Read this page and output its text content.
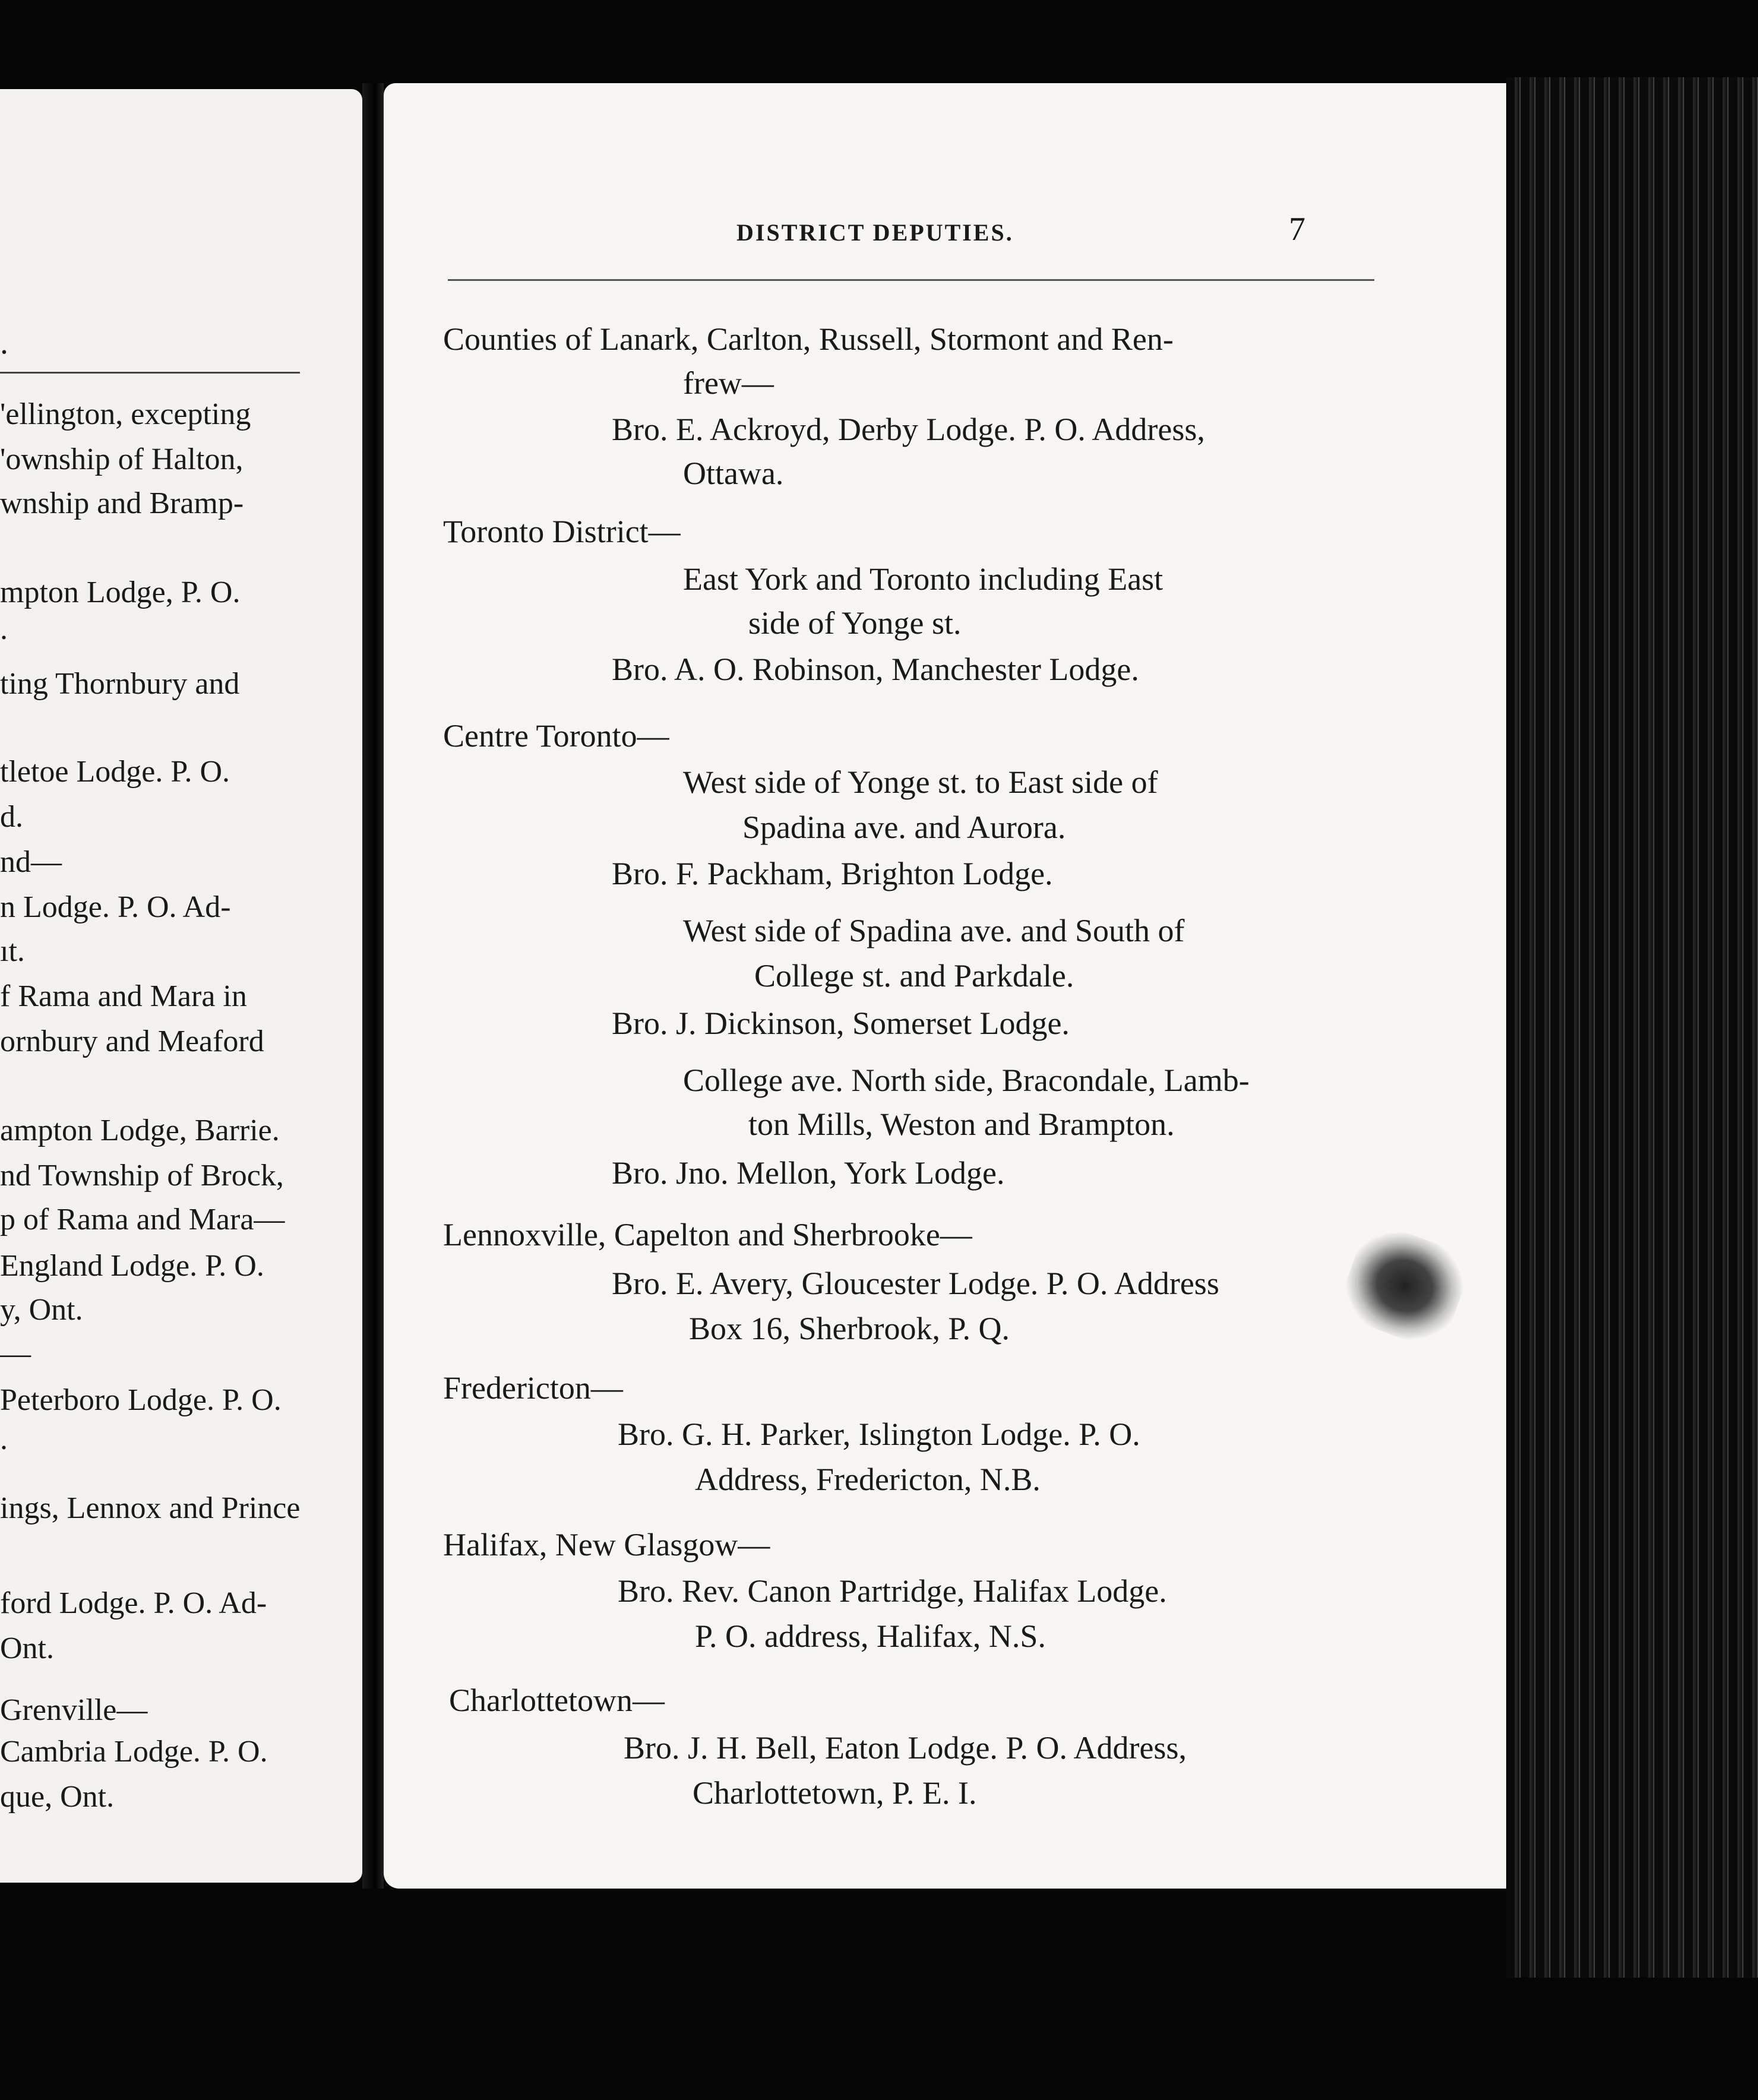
.
'ellington, excepting
'ownship of Halton,
wnship and Bramp-
mpton Lodge, P. O.
.
ting Thornbury and
tletoe Lodge. P. O.
d.
nd—
n Lodge. P. O. Ad-
ıt.
f Rama and Mara in
ornbury and Meaford
ampton Lodge, Barrie.
nd Township of Brock,
p of Rama and Mara—
England Lodge. P. O.
y, Ont.
—
Peterboro Lodge. P. O.
.
ings, Lennox and Prince
ford Lodge. P. O. Ad-
Ont.
Grenville—
Cambria Lodge. P. O.
que, Ont.
DISTRICT DEPUTIES.	7
Counties of Lanark, Carlton, Russell, Stormont and Ren-
frew—
Bro. E. Ackroyd, Derby Lodge. P. O. Address,
Ottawa.
Toronto District—
East York and Toronto including East
side of Yonge st.
Bro. A. O. Robinson, Manchester Lodge.
Centre Toronto—
West side of Yonge st. to East side of
Spadina ave. and Aurora.
Bro. F. Packham, Brighton Lodge.
West side of Spadina ave. and South of
College st. and Parkdale.
Bro. J. Dickinson, Somerset Lodge.
College ave. North side, Bracondale, Lamb-
ton Mills, Weston and Brampton.
Bro. Jno. Mellon, York Lodge.
Lennoxville, Capelton and Sherbrooke—
Bro. E. Avery, Gloucester Lodge. P. O. Address
Box 16, Sherbrook, P. Q.
Fredericton—
Bro. G. H. Parker, Islington Lodge. P. O.
Address, Fredericton, N.B.
Halifax, New Glasgow—
Bro. Rev. Canon Partridge, Halifax Lodge.
P. O. address, Halifax, N.S.
Charlottetown—
Bro. J. H. Bell, Eaton Lodge. P. O. Address,
Charlottetown, P. E. I.
